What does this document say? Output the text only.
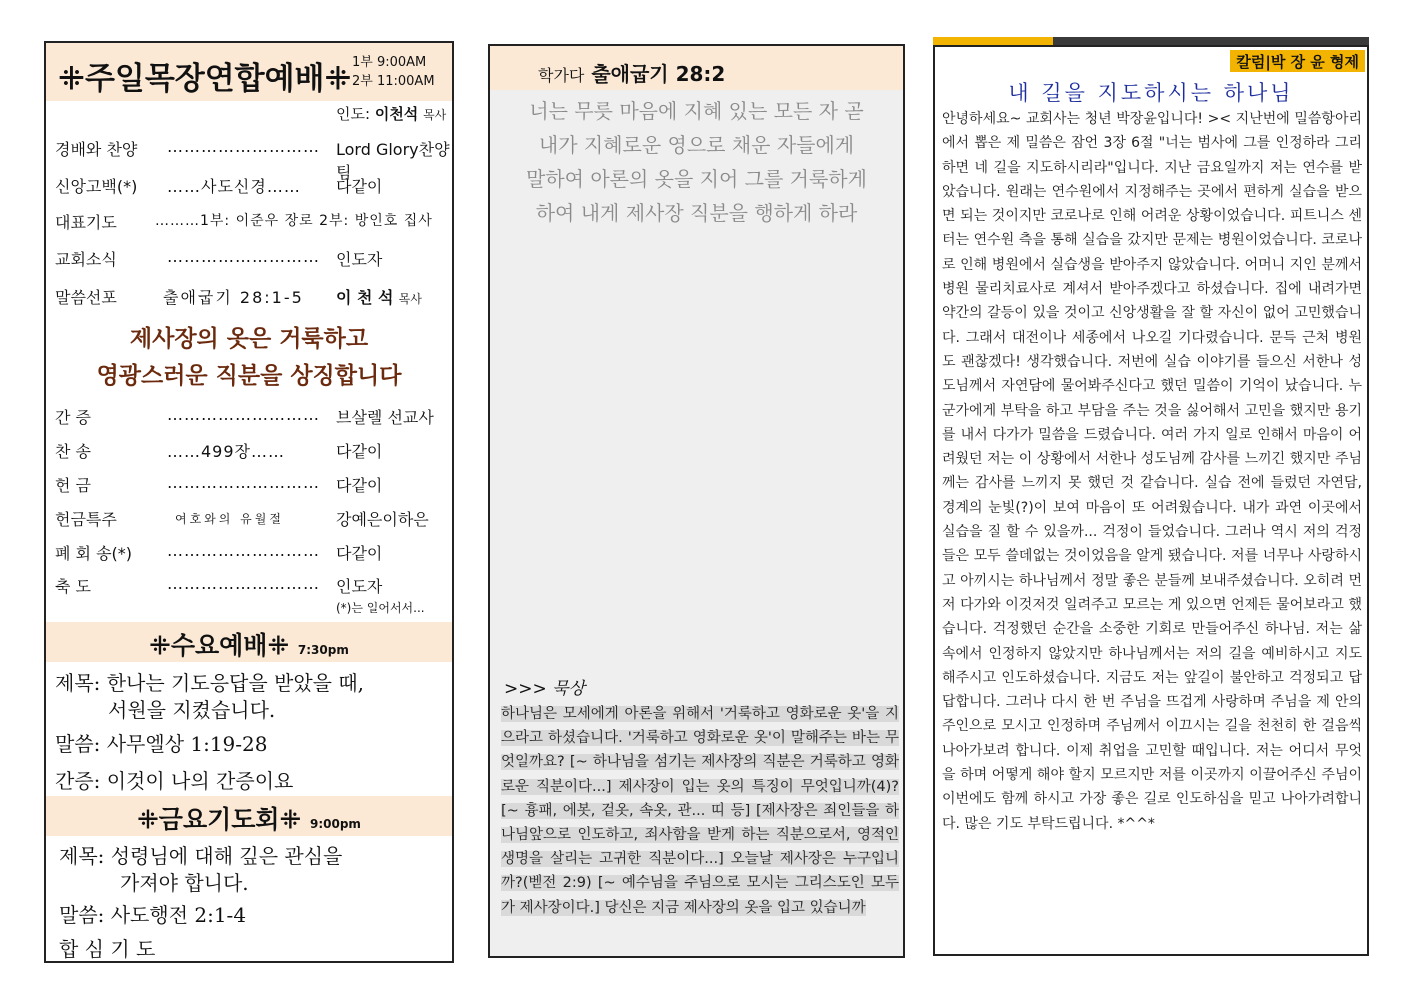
ꔰ주일목장연합예배ꔰ 1부 9:00AM
2부 11:00AM
인도: 이천석 목사
경배와 찬양 ……………………… Lord Glory찬양팀
신앙고백(*) ……사도신경…… 다같이
대표기도	………1부: 이준우 장로 2부: 방인호 집사
교회소식	……………………… 인도자
말씀선포	출애굽기 28:1-5 이 천 석 목사
제사장의 옷은 거룩하고
영광스러운 직분을 상징합니다
간 증	……………………… 브살렐 선교사
찬 송	……499장……	다같이
헌 금	……………………… 다같이
헌금특주	여호와의 유월절	강예은이하은
폐 회 송(*) ……………………… 다같이
축 도	……………………… 인도자
(*)는 일어서서...
ꔰ수요예배ꔰ 7:30pm
제목: 한나는 기도응답을 받았을 때,
서원을 지켰습니다.
말씀: 사무엘상 1:19-28
간증: 이것이 나의 간증이요
ꔰ금요기도회ꔰ 9:00pm
제목: 성령님에 대해 깊은 관심을
가져야 합니다.
말씀: 사도행전 2:1-4
합 심 기 도
학가다 출애굽기 28:2
너는 무릇 마음에 지혜 있는 모든 자 곧
내가 지혜로운 영으로 채운 자들에게
말하여 아론의 옷을 지어 그를 거룩하게
하여 내게 제사장 직분을 행하게 하라
>>> 묵상
하나님은 모세에게 아론을 위해서 '거룩하고 영화로운 옷'을 지으라고 하셨습니다. '거룩하고 영화로운 옷'이 말해주는 바는 무엇일까요? [~ 하나님을 섬기는 제사장의 직분은 거룩하고 영화로운 직분이다...] 제사장이 입는 옷의 특징이 무엇입니까(4)? [~ 흉패, 에봇, 겉옷, 속옷, 관... 띠 등] [제사장은 죄인들을 하나님앞으로 인도하고, 죄사함을 받게 하는 직분으로서, 영적인 생명을 살리는 고귀한 직분이다...] 오늘날 제사장은 누구입니까?(벧전 2:9) [~ 예수님을 주님으로 모시는 그리스도인 모두가 제사장이다.] 당신은 지금 제사장의 옷을 입고 있습니까
칼럼|박 장 윤 형제
내 길을 지도하시는 하나님
안녕하세요~ 교회사는 청년 박장윤입니다! >< 지난번에 밀씀항아리에서 뽑은 제 밀씀은 잠언 3장 6절 "너는 범사에 그를 인정하라 그리하면 네 길을 지도하시리라"입니다. 지난 금요일까지 저는 연수를 받았습니다. 원래는 연수원에서 지정해주는 곳에서 편하게 실습을 받으면 되는 것이지만 코로나로 인해 어려운 상황이었습니다. 피트니스 센터는 연수원 측을 통해 실습을 갔지만 문제는 병원이었습니다. 코로나로 인해 병원에서 실습생을 받아주지 않았습니다. 어머니 지인 분께서 병원 물리치료사로 계셔서 받아주겠다고 하셨습니다. 집에 내려가면 약간의 갈등이 있을 것이고 신앙생활을 잘 할 자신이 없어 고민했습니다. 그래서 대전이나 세종에서 나오길 기다렸습니다. 문득 근처 병원도 괜찮겠다! 생각했습니다. 저번에 실습 이야기를 들으신 서한나 성도님께서 자연담에 물어봐주신다고 했던 밀씀이 기억이 났습니다. 누군가에게 부탁을 하고 부담을 주는 것을 싫어해서 고민을 했지만 용기를 내서 다가가 밀씀을 드렸습니다. 여러 가지 일로 인해서 마음이 어려웠던 저는 이 상황에서 서한나 성도님께 감사를 느끼긴 했지만 주님께는 감사를 느끼지 못 했던 것 같습니다. 실습 전에 들렀던 자연담, 경계의 눈빛(?)이 보여 마음이 또 어려웠습니다. 내가 과연 이곳에서 실습을 질 할 수 있을까... 걱정이 들었습니다. 그러나 역시 저의 걱정들은 모두 쓸데없는 것이었음을 알게 됐습니다. 저를 너무나 사랑하시고 아끼시는 하나님께서 정말 좋은 분들께 보내주셨습니다. 오히려 먼저 다가와 이것저것 일려주고 모르는 게 있으면 언제든 물어보라고 했습니다. 걱정했던 순간을 소중한 기회로 만들어주신 하나님. 저는 삶속에서 인정하지 않았지만 하나님께서는 저의 길을 예비하시고 지도해주시고 인도하셨습니다. 지금도 저는 앞길이 불안하고 걱정되고 답답합니다. 그러나 다시 한 번 주님을 뜨겁게 사랑하며 주님을 제 안의 주인으로 모시고 인정하며 주님께서 이끄시는 길을 천천히 한 걸음씩 나아가보려 합니다. 이제 취업을 고민할 때입니다. 저는 어디서 무엇을 하며 어떻게 해야 할지 모르지만 저를 이곳까지 이끌어주신 주님이 이번에도 함께 하시고 가장 좋은 길로 인도하심을 믿고 나아가려합니다. 많은 기도 부탁드립니다. *^^*
